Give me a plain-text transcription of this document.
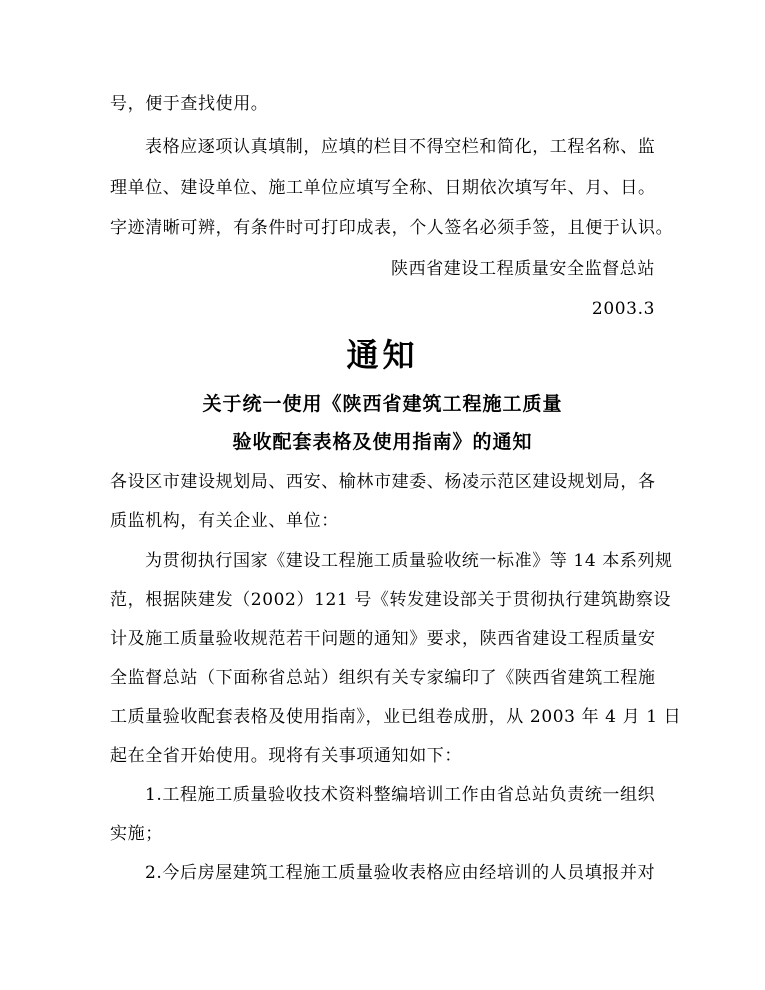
号，便于查找使用。
表格应逐项认真填制，应填的栏目不得空栏和简化，工程名称、监
理单位、建设单位、施工单位应填写全称、日期依次填写年、月、日。
字迹清晰可辨，有条件时可打印成表，个人签名必须手签，且便于认识。
陕西省建设工程质量安全监督总站
2003.3
通知
关于统一使用《陕西省建筑工程施工质量
验收配套表格及使用指南》的通知
各设区市建设规划局、西安、榆林市建委、杨凌示范区建设规划局，各
质监机构，有关企业、单位：
为贯彻执行国家《建设工程施工质量验收统一标准》等 14 本系列规
范，根据陕建发（2002）121 号《转发建设部关于贯彻执行建筑勘察设
计及施工质量验收规范若干问题的通知》要求，陕西省建设工程质量安
全监督总站（下面称省总站）组织有关专家编印了《陕西省建筑工程施
工质量验收配套表格及使用指南》，业已组卷成册，从 2003 年 4 月 1 日
起在全省开始使用。现将有关事项通知如下：
1.工程施工质量验收技术资料整编培训工作由省总站负责统一组织
实施；
2.今后房屋建筑工程施工质量验收表格应由经培训的人员填报并对
